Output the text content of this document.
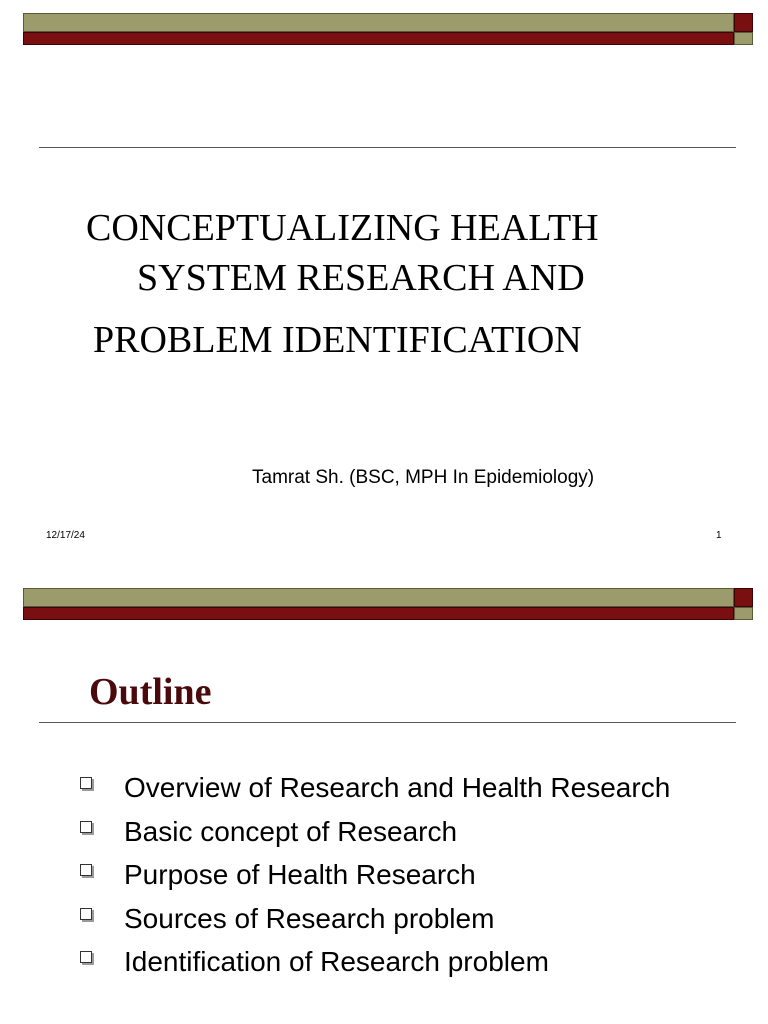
CONCEPTUALIZING HEALTH
SYSTEM RESEARCH AND
PROBLEM IDENTIFICATION
Tamrat Sh. (BSC, MPH In Epidemiology)
12/17/24	1
Outline
Overview of Research and Health Research
Basic concept of Research
Purpose of Health Research
Sources of Research problem
Identification of Research problem
